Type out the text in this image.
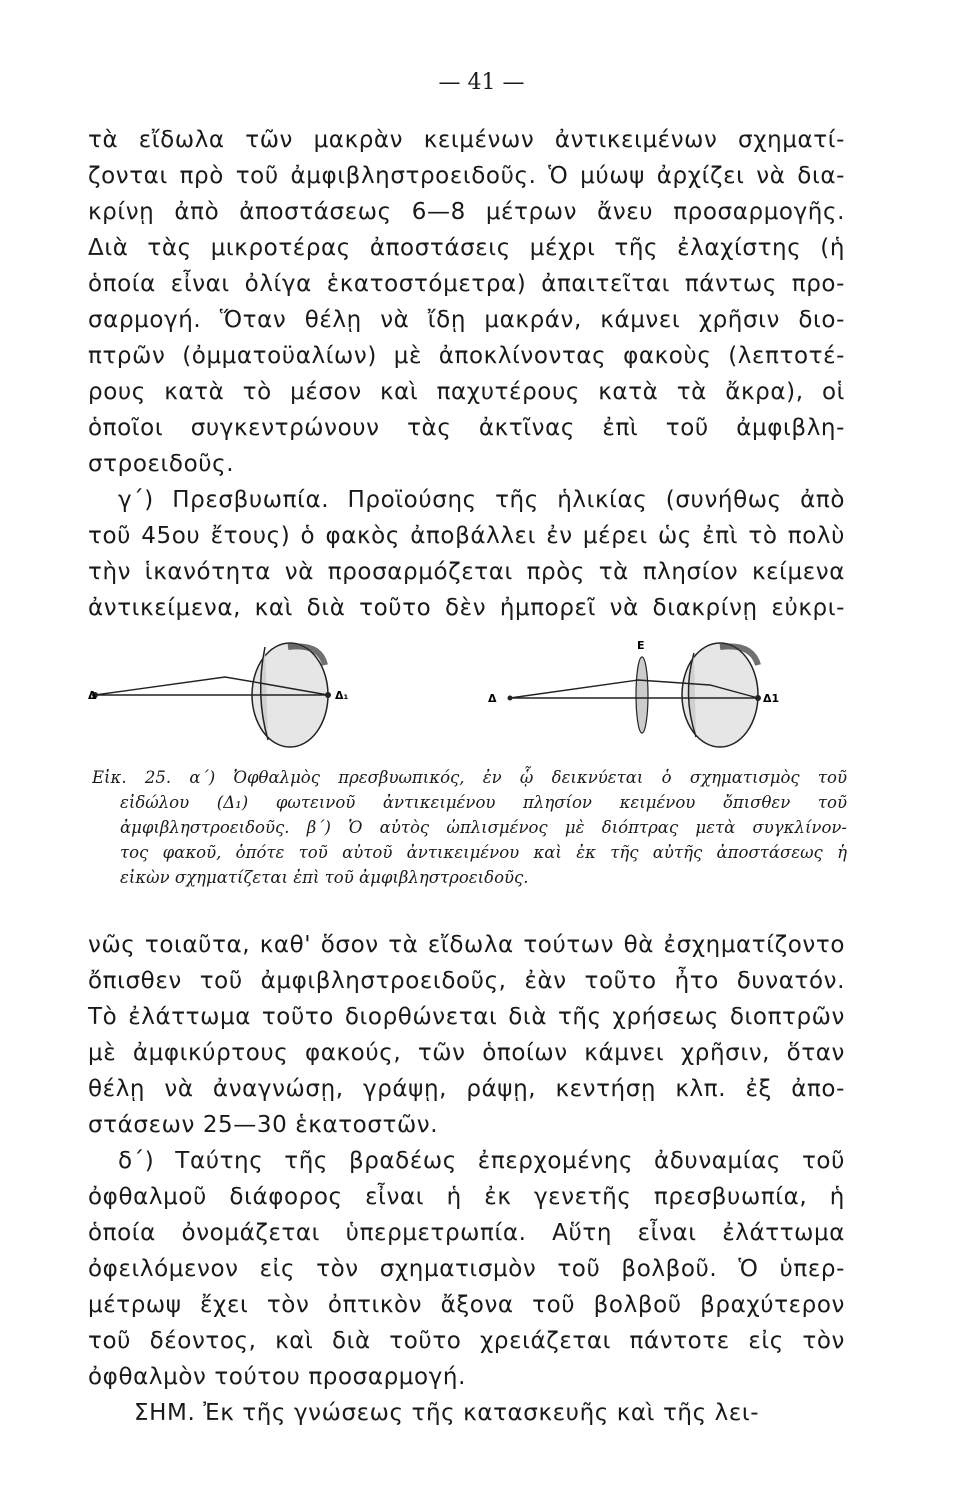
— 41 —
τὰ εἴδωλα τῶν μακρὰν κειμένων ἀντικειμένων σχηματί-
ζονται πρὸ τοῦ ἀμφιβληστροειδοῦς. Ὁ μύωψ ἀρχίζει νὰ δια-
κρίνῃ ἀπὸ ἀποστάσεως 6—8 μέτρων ἄνευ προσαρμογῆς.
Διὰ τὰς μικροτέρας ἀποστάσεις μέχρι τῆς ἐλαχίστης (ἡ
ὁποία εἶναι ὀλίγα ἑκατοστόμετρα) ἀπαιτεῖται πάντως προ-
σαρμογή. Ὅταν θέλῃ νὰ ἴδῃ μακράν, κάμνει χρῆσιν διο-
πτρῶν (ὀμματοϋαλίων) μὲ ἀποκλίνοντας φακοὺς (λεπτοτέ-
ρους κατὰ τὸ μέσον καὶ παχυτέρους κατὰ τὰ ἄκρα), οἱ
ὁποῖοι συγκεντρώνουν τὰς ἀκτῖνας ἐπὶ τοῦ ἀμφιβλη-
στροειδοῦς.
γ΄) Πρεσβυωπία. Προϊούσης τῆς ἡλικίας (συνήθως ἀπὸ
τοῦ 45ου ἔτους) ὁ φακὸς ἀποβάλλει ἐν μέρει ὡς ἐπὶ τὸ πολὺ
τὴν ἱκανότητα νὰ προσαρμόζεται πρὸς τὰ πλησίον κείμενα
ἀντικείμενα, καὶ διὰ τοῦτο δὲν ἠμπορεῖ νὰ διακρίνῃ εὐκρι-
Δ	Δ₁	Δ	Δ1
Ε
Εἰκ. 25. α΄) Ὀφθαλμὸς πρεσβυωπικός, ἐν ᾧ δεικνύεται ὁ σχηματισμὸς τοῦ
εἰδώλου (Δ₁) φωτεινοῦ ἀντικειμένου πλησίον κειμένου ὄπισθεν τοῦ
ἀμφιβληστροειδοῦς. β΄) Ὁ αὐτὸς ὡπλισμένος μὲ διόπτρας μετὰ συγκλίνον-
τος φακοῦ, ὁπότε τοῦ αὐτοῦ ἀντικειμένου καὶ ἐκ τῆς αὐτῆς ἀποστάσεως ἡ
εἰκὼν σχηματίζεται ἐπὶ τοῦ ἀμφιβληστροειδοῦς.
νῶς τοιαῦτα, καθ' ὅσον τὰ εἴδωλα τούτων θὰ ἐσχηματίζοντο
ὄπισθεν τοῦ ἀμφιβληστροειδοῦς, ἐὰν τοῦτο ἦτο δυνατόν.
Τὸ ἐλάττωμα τοῦτο διορθώνεται διὰ τῆς χρήσεως διοπτρῶν
μὲ ἀμφικύρτους φακούς, τῶν ὁποίων κάμνει χρῆσιν, ὅταν
θέλῃ νὰ ἀναγνώσῃ, γράψῃ, ράψῃ, κεντήσῃ κλπ. ἐξ ἀπο-
στάσεων 25—30 ἑκατοστῶν.
δ΄) Ταύτης τῆς βραδέως ἐπερχομένης ἀδυναμίας τοῦ
ὀφθαλμοῦ διάφορος εἶναι ἡ ἐκ γενετῆς πρεσβυωπία, ἡ
ὁποία ὀνομάζεται ὑπερμετρωπία. Αὕτη εἶναι ἐλάττωμα
ὀφειλόμενον εἰς τὸν σχηματισμὸν τοῦ βολβοῦ. Ὁ ὑπερ-
μέτρωψ ἔχει τὸν ὀπτικὸν ἄξονα τοῦ βολβοῦ βραχύτερον
τοῦ δέοντος, καὶ διὰ τοῦτο χρειάζεται πάντοτε εἰς τὸν
ὀφθαλμὸν τούτου προσαρμογή.
ΣΗΜ. Ἐκ τῆς γνώσεως τῆς κατασκευῆς καὶ τῆς λει-
